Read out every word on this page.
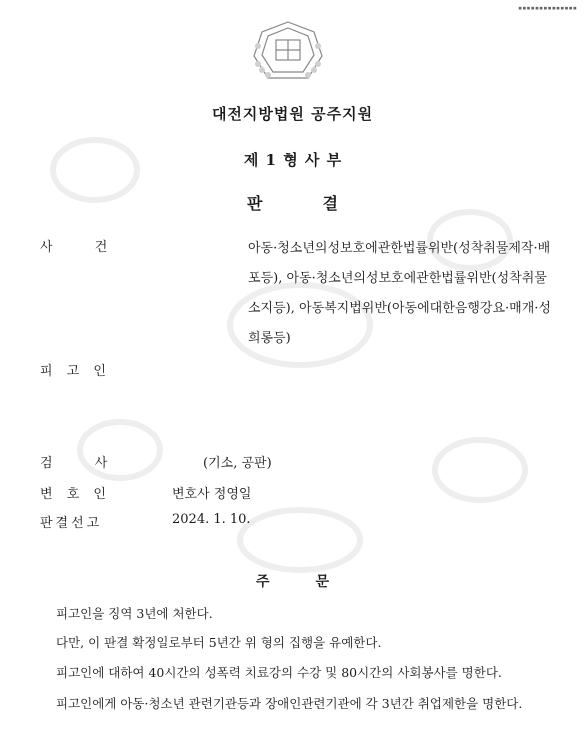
▪▪▪▪▪▪▪▪▪▪▪▪▪▪
대전지방법원 공주지원
제 1 형 사 부
판결
사 건	아동·청소년의성보호에관한법률위반(성착취물제작·배
포등), 아동·청소년의성보호에관한법률위반(성착취물
소지등), 아동복지법위반(아동에대한음행강요·매개·성
희롱등)
피 고 인
검 사	(기소, 공판)
변 호 인	변호사 정영일
판결선고	2024. 1. 10.
주문
피고인을 징역 3년에 처한다.
다만, 이 판결 확정일로부터 5년간 위 형의 집행을 유예한다.
피고인에 대하여 40시간의 성폭력 치료강의 수강 및 80시간의 사회봉사를 명한다.
피고인에게 아동·청소년 관련기관등과 장애인관련기관에 각 3년간 취업제한을 명한다.
